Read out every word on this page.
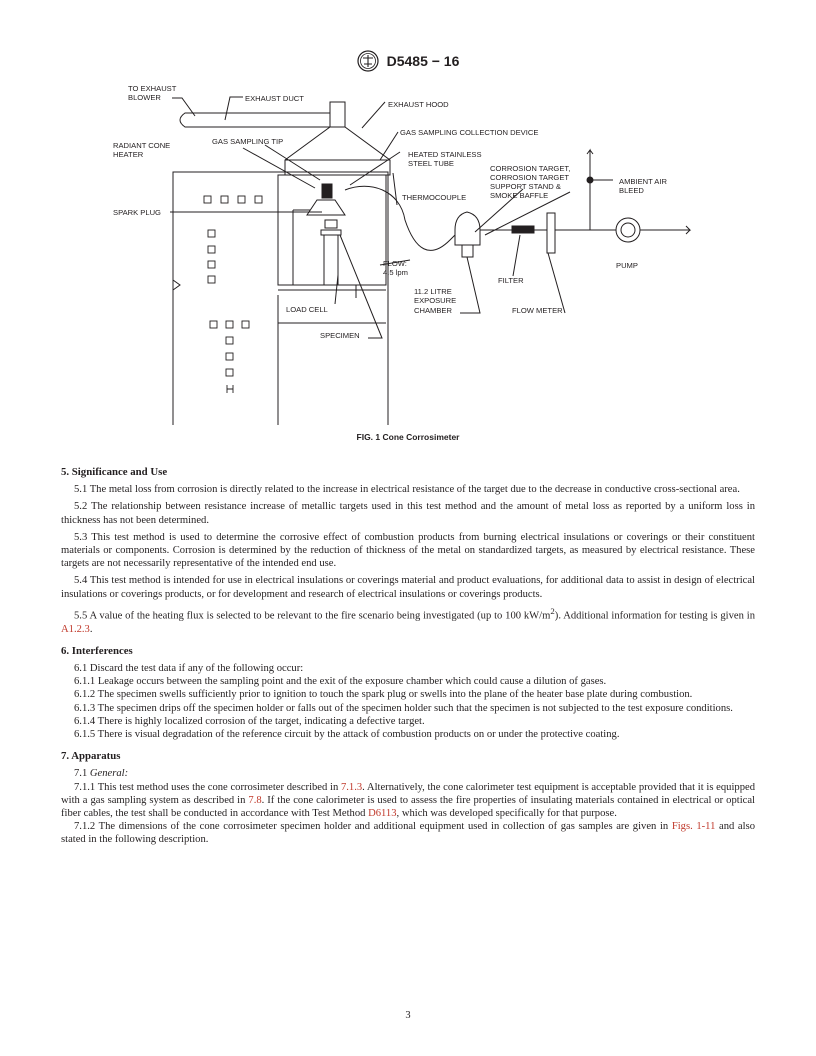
D5485 − 16
TO EXHAUST
BLOWER	EXHAUST DUCT
EXHAUST HOOD
GAS SAMPLING COLLECTION DEVICE
RADIANT CONE
HEATER
GAS SAMPLING TIP
HEATED STAINLESS
STEEL TUBE
CORROSION TARGET,
CORROSION TARGET
SUPPORT STAND &
SMOKE BAFFLE
AMBIENT AIR
BLEED
THERMOCOUPLE
SPARK PLUG
FLOW:
4.5 lpm
FILTER
PUMP
11.2 LITRE
EXPOSURE
CHAMBER	FLOW METER
LOAD CELL
SPECIMEN
FIG. 1 Cone Corrosimeter
5. Significance and Use

5.1 The metal loss from corrosion is directly related to the increase in electrical resistance of the target due to the decrease in conductive cross-sectional area.

5.2 The relationship between resistance increase of metallic targets used in this test method and the amount of metal loss as reported by a uniform loss in thickness has not been determined.

5.3 This test method is used to determine the corrosive effect of combustion products from burning electrical insulations or coverings or their constituent materials or components. Corrosion is determined by the reduction of thickness of the metal on standardized targets, as measured by electrical resistance. These targets are not necessarily representative of the intended end use.

5.4 This test method is intended for use in electrical insulations or coverings material and product evaluations, for additional data to assist in design of electrical insulations or coverings products, or for development and research of electrical insulations or coverings products.

5.5 A value of the heating flux is selected to be relevant to the fire scenario being investigated (up to 100 $kW/m^2$). Additional information for testing is given in A1.2.3.

6. Interferences

6.1 Discard the test data if any of the following occur:

6.1.1 Leakage occurs between the sampling point and the exit of the exposure chamber which could cause a dilution of gases.

6.1.2 The specimen swells sufficiently prior to ignition to touch the spark plug or swells into the plane of the heater base plate during combustion.

6.1.3 The specimen drips off the specimen holder or falls out of the specimen holder such that the specimen is not subjected to the test exposure conditions.

6.1.4 There is highly localized corrosion of the target, indicating a defective target.

6.1.5 There is visual degradation of the reference circuit by the attack of combustion products on or under the protective coating.

7. Apparatus

7.1 General:

7.1.1 This test method uses the cone corrosimeter described in 7.1.3. Alternatively, the cone calorimeter test equipment is acceptable provided that it is equipped with a gas sampling system as described in 7.8. If the cone calorimeter is used to assess the fire properties of insulating materials contained in electrical or optical fiber cables, the test shall be conducted in accordance with Test Method D6113, which was developed specifically for that purpose.

7.1.2 The dimensions of the cone corrosimeter specimen holder and additional equipment used in collection of gas samples are given in Figs. 1-11 and also stated in the following description.

3
